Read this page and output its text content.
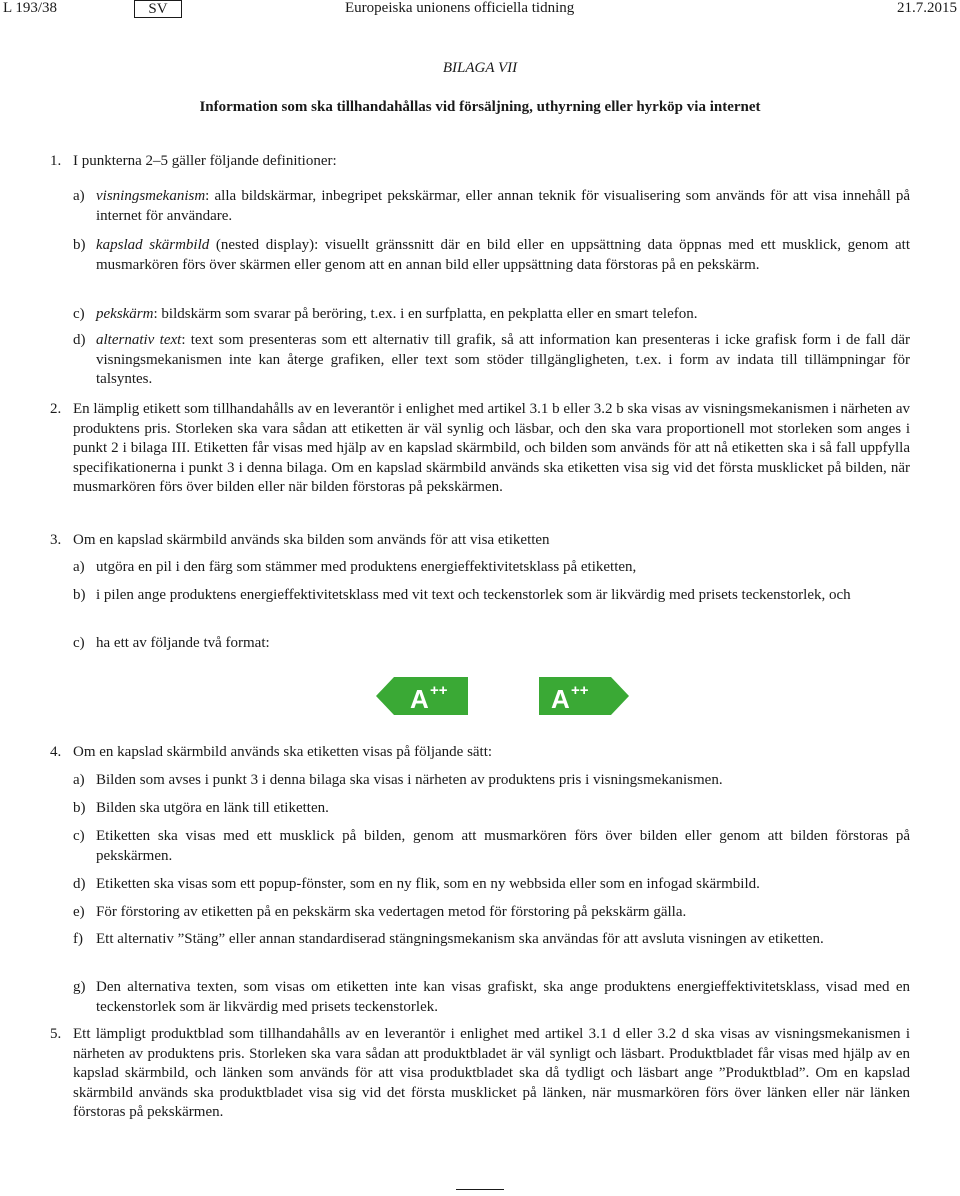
L 193/38	SV	Europeiska unionens officiella tidning	21.7.2015
BILAGA VII
Information som ska tillhandahållas vid försäljning, uthyrning eller hyrköp via internet
1. I punkterna 2–5 gäller följande definitioner:
a) visningsmekanism: alla bildskärmar, inbegripet pekskärmar, eller annan teknik för visualisering som används för att visa innehåll på internet för användare.
b) kapslad skärmbild (nested display): visuellt gränssnitt där en bild eller en uppsättning data öppnas med ett musklick, genom att musmarkören förs över skärmen eller genom att en annan bild eller uppsättning data förstoras på en pekskärm.
c) pekskärm: bildskärm som svarar på beröring, t.ex. i en surfplatta, en pekplatta eller en smart telefon.
d) alternativ text: text som presenteras som ett alternativ till grafik, så att information kan presenteras i icke grafisk form i de fall där visningsmekanismen inte kan återge grafiken, eller text som stöder tillgängligheten, t.ex. i form av indata till tillämpningar för talsyntes.
2. En lämplig etikett som tillhandahålls av en leverantör i enlighet med artikel 3.1 b eller 3.2 b ska visas av visningsmekanismen i närheten av produktens pris. Storleken ska vara sådan att etiketten är väl synlig och läsbar, och den ska vara proportionell mot storleken som anges i punkt 2 i bilaga III. Etiketten får visas med hjälp av en kapslad skärmbild, och bilden som används för att nå etiketten ska i så fall uppfylla specifikationerna i punkt 3 i denna bilaga. Om en kapslad skärmbild används ska etiketten visa sig vid det första musklicket på bilden, när musmarkören förs över bilden eller när bilden förstoras på pekskärmen.
3. Om en kapslad skärmbild används ska bilden som används för att visa etiketten
a) utgöra en pil i den färg som stämmer med produktens energieffektivitetsklass på etiketten,
b) i pilen ange produktens energieffektivitetsklass med vit text och teckenstorlek som är likvärdig med prisets teckenstorlek, och
c) ha ett av följande två format:
A ++	A ++
4. Om en kapslad skärmbild används ska etiketten visas på följande sätt:
a) Bilden som avses i punkt 3 i denna bilaga ska visas i närheten av produktens pris i visningsmekanismen.
b) Bilden ska utgöra en länk till etiketten.
c) Etiketten ska visas med ett musklick på bilden, genom att musmarkören förs över bilden eller genom att bilden förstoras på pekskärmen.
d) Etiketten ska visas som ett popup-fönster, som en ny flik, som en ny webbsida eller som en infogad skärmbild.
e) För förstoring av etiketten på en pekskärm ska vedertagen metod för förstoring på pekskärm gälla.
f) Ett alternativ ”Stäng” eller annan standardiserad stängningsmekanism ska användas för att avsluta visningen av etiketten.
g) Den alternativa texten, som visas om etiketten inte kan visas grafiskt, ska ange produktens energieffektivitetsklass, visad med en teckenstorlek som är likvärdig med prisets teckenstorlek.
5. Ett lämpligt produktblad som tillhandahålls av en leverantör i enlighet med artikel 3.1 d eller 3.2 d ska visas av visningsmekanismen i närheten av produktens pris. Storleken ska vara sådan att produktbladet är väl synligt och läsbart. Produktbladet får visas med hjälp av en kapslad skärmbild, och länken som används för att visa produktbladet ska då tydligt och läsbart ange ”Produktblad”. Om en kapslad skärmbild används ska produktbladet visa sig vid det första musklicket på länken, när musmarkören förs över länken eller när länken förstoras på pekskärmen.
